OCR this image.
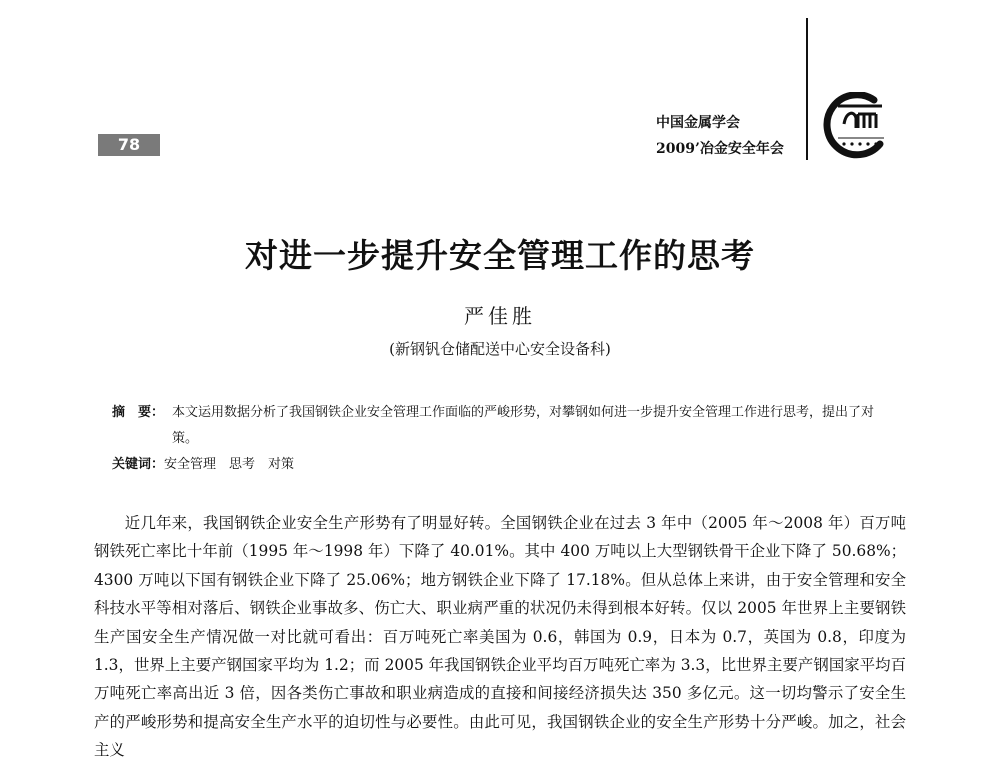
78
中国金属学会
2009’冶金安全年会
对进一步提升安全管理工作的思考
严佳胜
(新钢钒仓储配送中心安全设备科)
摘　要： 本文运用数据分析了我国钢铁企业安全管理工作面临的严峻形势，对攀钢如何进一步提升安全管理工作进行思考，提出了对策。
关键词：安全管理　思考　对策

近几年来，我国钢铁企业安全生产形势有了明显好转。全国钢铁企业在过去 3 年中（2005 年～2008 年）百万吨钢铁死亡率比十年前（1995 年～1998 年）下降了 40.01%。其中 400 万吨以上大型钢铁骨干企业下降了 50.68%；4300 万吨以下国有钢铁企业下降了 25.06%；地方钢铁企业下降了 17.18%。但从总体上来讲，由于安全管理和安全科技水平等相对落后、钢铁企业事故多、伤亡大、职业病严重的状况仍未得到根本好转。仅以 2005 年世界上主要钢铁生产国安全生产情况做一对比就可看出：百万吨死亡率美国为 0.6，韩国为 0.9，日本为 0.7，英国为 0.8，印度为 1.3，世界上主要产钢国家平均为 1.2；而 2005 年我国钢铁企业平均百万吨死亡率为 3.3，比世界主要产钢国家平均百万吨死亡率高出近 3 倍，因各类伤亡事故和职业病造成的直接和间接经济损失达 350 多亿元。这一切均警示了安全生产的严峻形势和提高安全生产水平的迫切性与必要性。由此可见，我国钢铁企业的安全生产形势十分严峻。加之，社会主义
